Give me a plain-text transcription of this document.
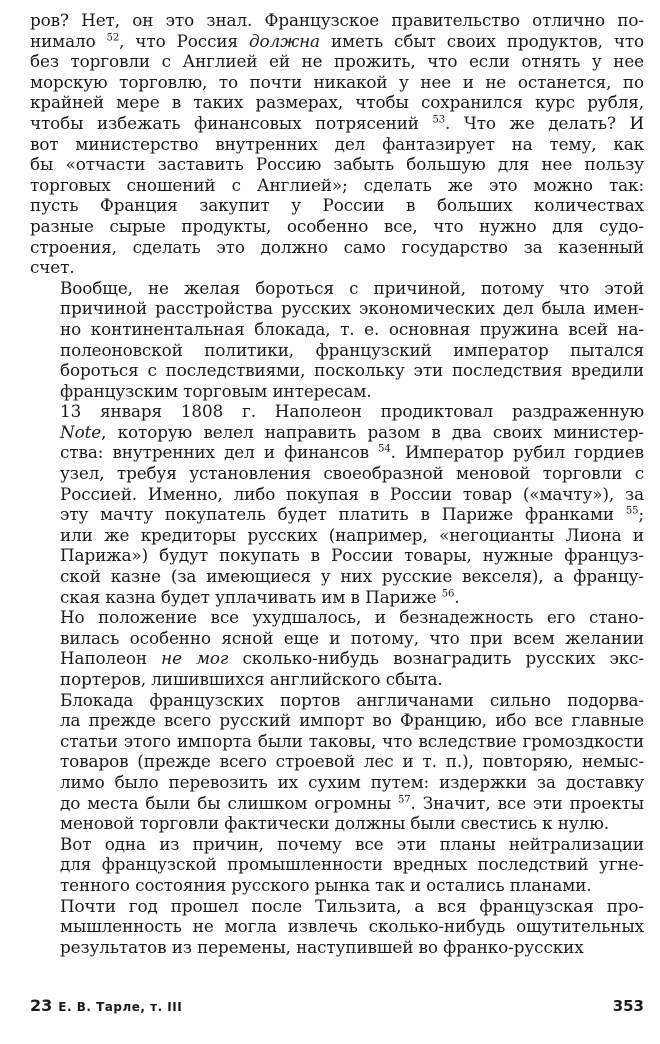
ров? Нет, он это знал. Французское правительство отлично по-
нимало $^{52}$, что Россия должна иметь сбыт своих продуктов, что
без торговли с Англией ей не прожить, что если отнять у нее
морскую торговлю, то почти никакой у нее и не останется, по
крайней мере в таких размерах, чтобы сохранился курс рубля,
чтобы избежать финансовых потрясений $^{53}$. Что же делать? И
вот министерство внутренних дел фантазирует на тему, как
бы «отчасти заставить Россию забыть большую для нее пользу
торговых сношений с Англией»; сделать же это можно так:
пусть Франция закупит у России в больших количествах
разные сырые продукты, особенно все, что нужно для судо-
строения, сделать это должно само государство за казенный
счет.

Вообще, не желая бороться с причиной, потому что этой
причиной расстройства русских экономических дел была имен-
но континентальная блокада, т. е. основная пружина всей на-
полеоновской политики, французский император пытался
бороться с последствиями, поскольку эти последствия вредили
французским торговым интересам.

13 января 1808 г. Наполеон продиктовал раздраженную
Note, которую велел направить разом в два своих министер-
ства: внутренних дел и финансов $^{54}$. Император рубил гордиев
узел, требуя установления своеобразной меновой торговли с
Россией. Именно, либо покупая в России товар («мачту»), за
эту мачту покупатель будет платить в Париже франками $^{55}$;
или же кредиторы русских (например, «негоцианты Лиона и
Парижа») будут покупать в России товары, нужные француз-
ской казне (за имеющиеся у них русские векселя), а францу-
ская казна будет уплачивать им в Париже $^{56}$.

Но положение все ухудшалось, и безнадежность его стано-
вилась особенно ясной еще и потому, что при всем желании
Наполеон не мог сколько-нибудь вознаградить русских экс-
портеров, лишившихся английского сбыта.

Блокада французских портов англичанами сильно подорва-
ла прежде всего русский импорт во Францию, ибо все главные
статьи этого импорта были таковы, что вследствие громоздкости
товаров (прежде всего строевой лес и т. п.), повторяю, немыс-
лимо было перевозить их сухим путем: издержки за доставку
до места были бы слишком огромны $^{57}$. Значит, все эти проекты
меновой торговли фактически должны были свестись к нулю.

Вот одна из причин, почему все эти планы нейтрализации
для французской промышленности вредных последствий угне-
тенного состояния русского рынка так и остались планами.

Почти год прошел после Тильзита, а вся французская про-
мышленность не могла извлечь сколько-нибудь ощутительных
результатов из перемены, наступившей во франко-русских

23 Е. В. Тарле, т. III	353
